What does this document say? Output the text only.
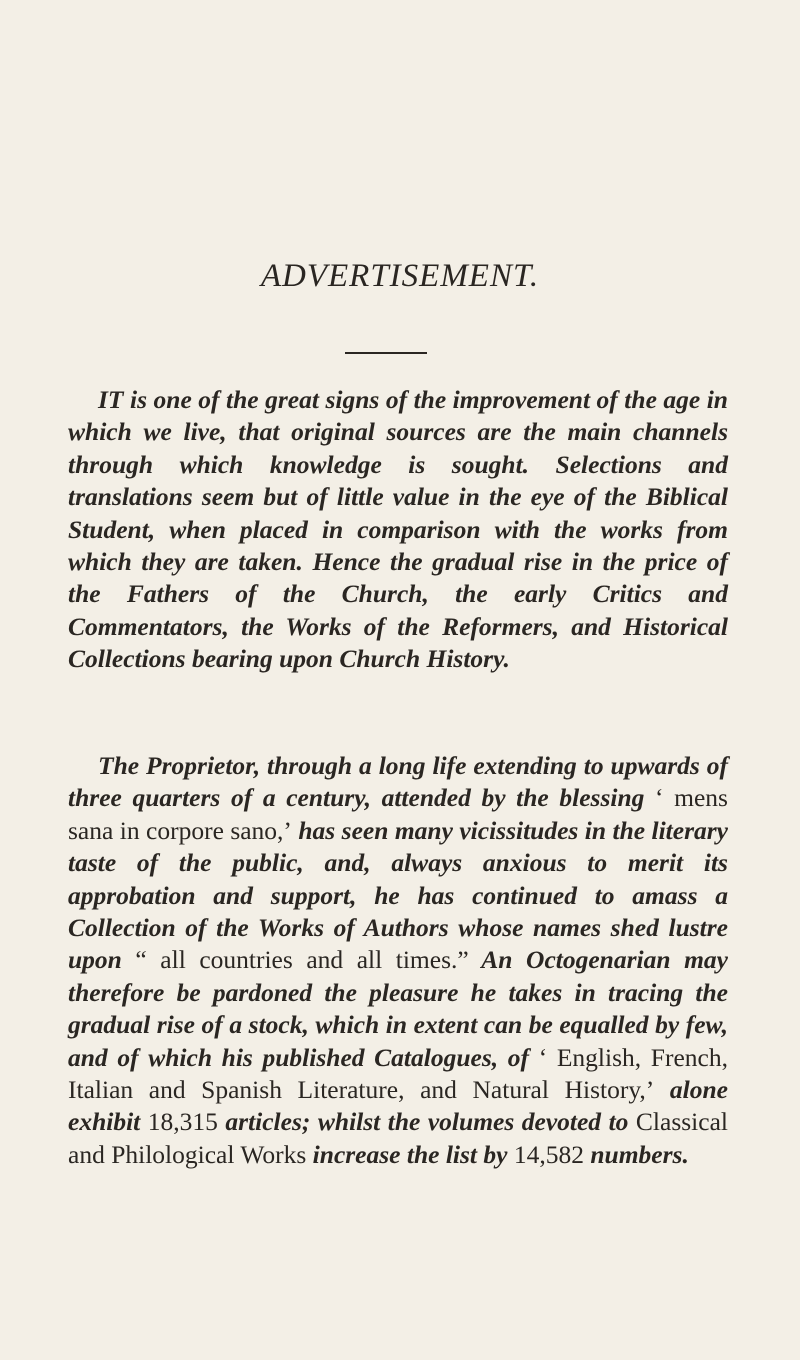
ADVERTISEMENT.

IT is one of the great signs of the improvement of the age in which we live, that original sources are the main channels through which knowledge is sought. Selections and translations seem but of little value in the eye of the Biblical Student, when placed in comparison with the works from which they are taken. Hence the gradual rise in the price of the Fathers of the Church, the early Critics and Commentators, the Works of the Reformers, and Historical Collections bearing upon Church History.

The Proprietor, through a long life extending to upwards of three quarters of a century, attended by the blessing ‘ mens sana in corpore sano,’ has seen many vicissitudes in the literary taste of the public, and, always anxious to merit its approbation and support, he has continued to amass a Collection of the Works of Authors whose names shed lustre upon “ all countries and all times.” An Octogenarian may therefore be pardoned the pleasure he takes in tracing the gradual rise of a stock, which in extent can be equalled by few, and of which his published Catalogues, of ‘ English, French, Italian and Spanish Literature, and Natural History,’ alone exhibit 18,315 articles; whilst the volumes devoted to Classical and Philological Works increase the list by 14,582 numbers.
